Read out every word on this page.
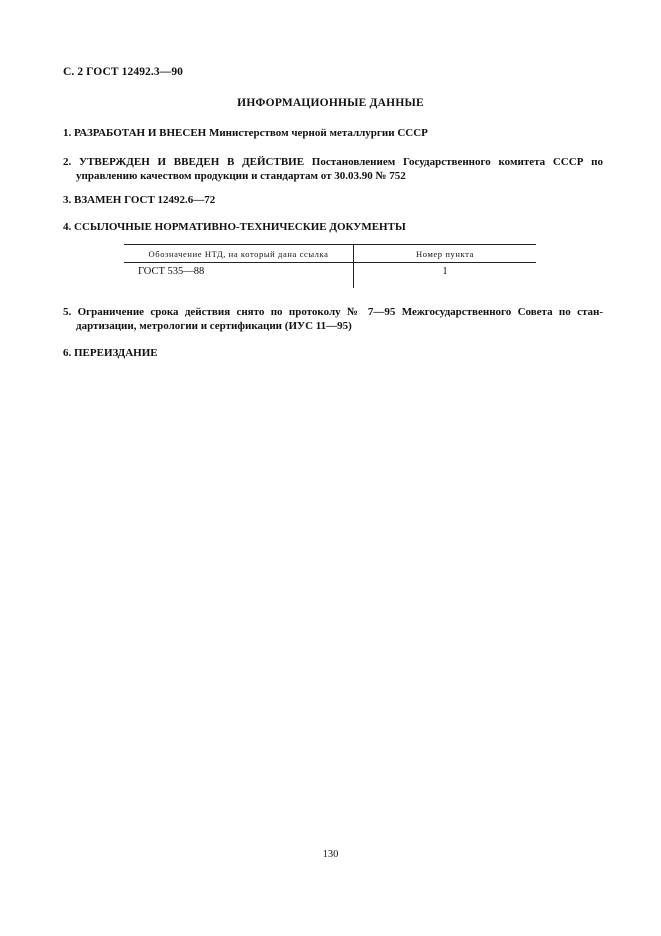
С. 2 ГОСТ 12492.3—90
ИНФОРМАЦИОННЫЕ ДАННЫЕ
1. РАЗРАБОТАН И ВНЕСЕН Министерством черной металлургии СССР
2. УТВЕРЖДЕН И ВВЕДЕН В ДЕЙСТВИЕ Постановлением Государственного комитета СССР по
управлению качеством продукции и стандартам от 30.03.90 № 752
3. ВЗАМЕН ГОСТ 12492.6—72
4. ССЫЛОЧНЫЕ НОРМАТИВНО-ТЕХНИЧЕСКИЕ ДОКУМЕНТЫ
Обозначение НТД, на который дана ссылка	Номер пункта
ГОСТ 535—88	1
5. Ограничение срока действия снято по протоколу № 7—95 Межгосударственного Совета по стан-
дартизации, метрологии и сертификации (ИУС 11—95)
6. ПЕРЕИЗДАНИЕ
130
